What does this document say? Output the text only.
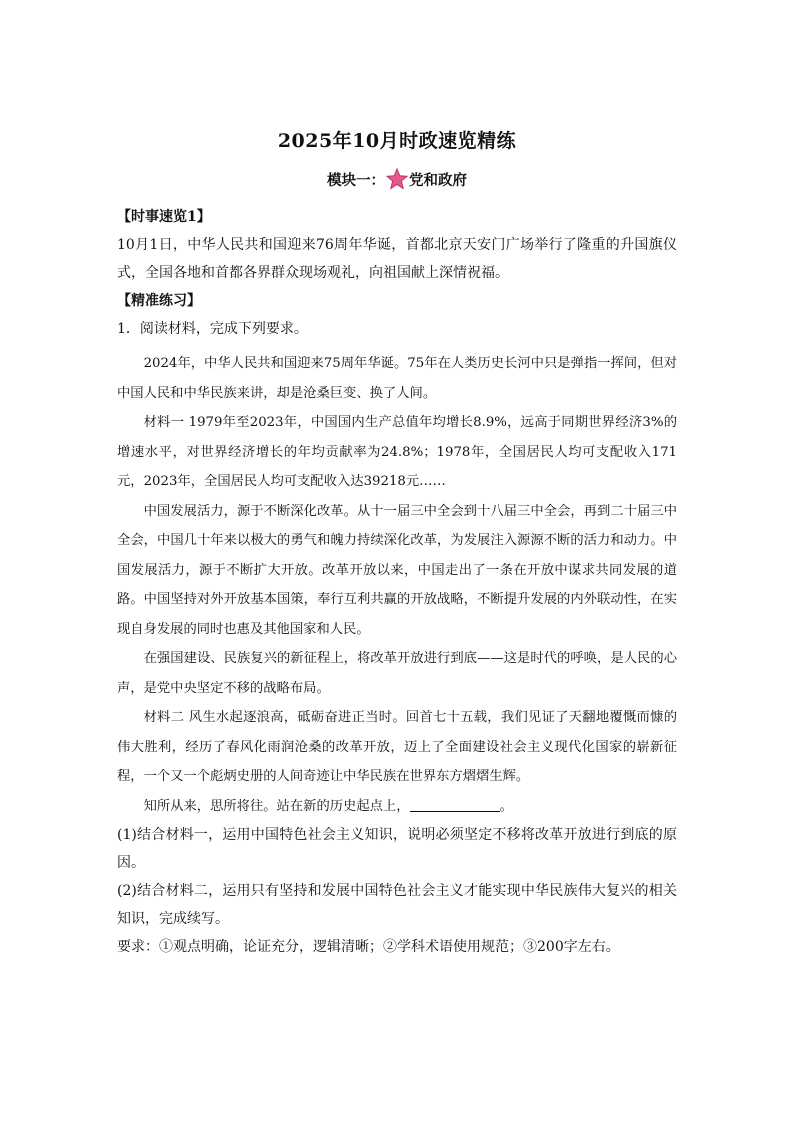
2025年10月时政速览精练
模块一： 党和政府
【时事速览1】
10月1日，中华人民共和国迎来76周年华诞，首都北京天安门广场举行了隆重的升国旗仪式，全国各地和首都各界群众现场观礼，向祖国献上深情祝福。
【精准练习】
1．阅读材料，完成下列要求。

2024年，中华人民共和国迎来75周年华诞。75年在人类历史长河中只是弹指一挥间，但对中国人民和中华民族来讲，却是沧桑巨变、换了人间。

材料一 1979年至2023年，中国国内生产总值年均增长8.9%，远高于同期世界经济3%的增速水平，对世界经济增长的年均贡献率为24.8%；1978年，全国居民人均可支配收入171元，2023年，全国居民人均可支配收入达39218元……

中国发展活力，源于不断深化改革。从十一届三中全会到十八届三中全会，再到二十届三中全会，中国几十年来以极大的勇气和魄力持续深化改革，为发展注入源源不断的活力和动力。中国发展活力，源于不断扩大开放。改革开放以来，中国走出了一条在开放中谋求共同发展的道路。中国坚持对外开放基本国策，奉行互利共赢的开放战略，不断提升发展的内外联动性，在实现自身发展的同时也惠及其他国家和人民。

在强国建设、民族复兴的新征程上，将改革开放进行到底——这是时代的呼唤，是人民的心声，是党中央坚定不移的战略布局。

材料二 风生水起逐浪高，砥砺奋进正当时。回首七十五载，我们见证了天翻地覆慨而慷的伟大胜利，经历了春风化雨润沧桑的改革开放，迈上了全面建设社会主义现代化国家的崭新征程，一个又一个彪炳史册的人间奇迹让中华民族在世界东方熠熠生辉。

知所从来，思所将往。站在新的历史起点上，	。

(1)结合材料一，运用中国特色社会主义知识，说明必须坚定不移将改革开放进行到底的原因。
(2)结合材料二，运用只有坚持和发展中国特色社会主义才能实现中华民族伟大复兴的相关知识，完成续写。
要求：①观点明确，论证充分，逻辑清晰；②学科术语使用规范；③200字左右。
